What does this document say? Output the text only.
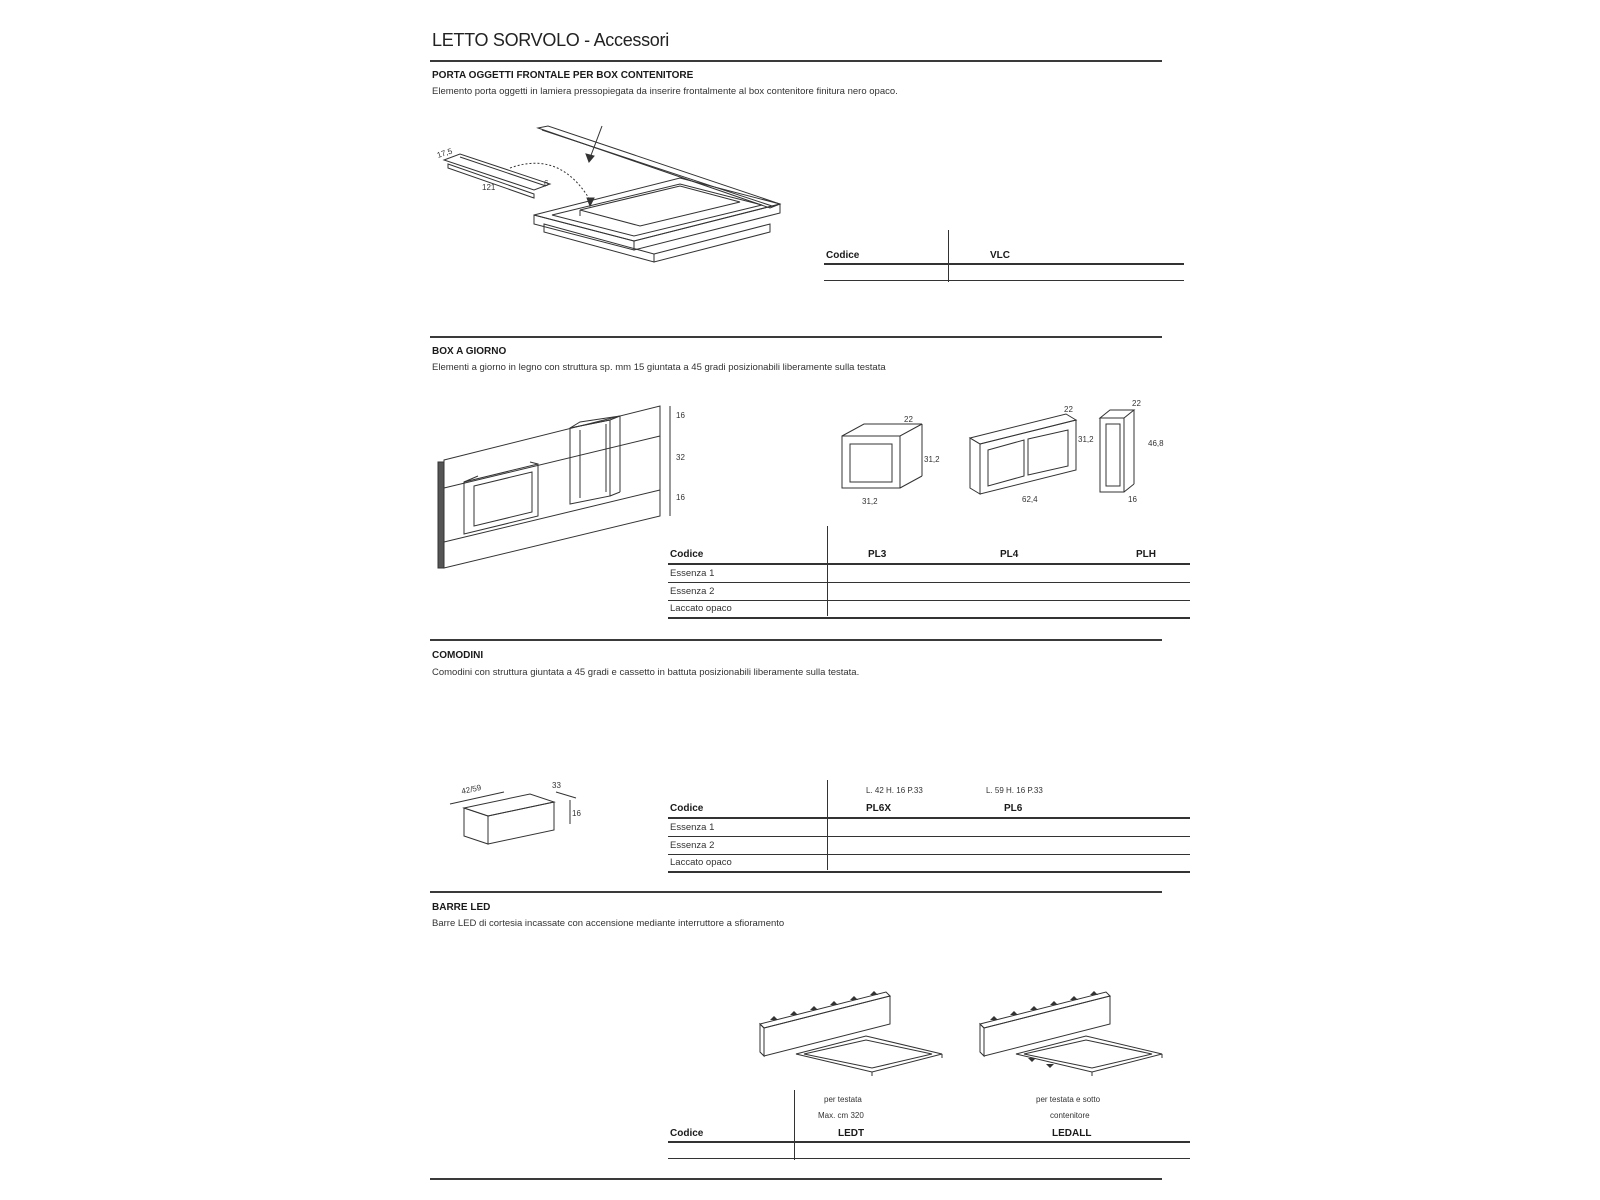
LETTO SORVOLO - Accessori
PORTA OGGETTI FRONTALE PER BOX CONTENITORE
Elemento porta oggetti in lamiera pressopiegata da inserire frontalmente al box contenitore finitura nero opaco.
17,5
121	6
Codice	VLC
BOX A GIORNO
Elementi a giorno in legno con struttura sp. mm 15 giuntata a 45 gradi posizionabili liberamente sulla testata
16
32
16
22
31,2
31,2
22
31,2
62,4
22
46,8
16
Codice	PL3	PL4	PLH
Essenza 1
Essenza 2
Laccato opaco
COMODINI
Comodini con struttura giuntata a 45 gradi e cassetto in battuta posizionabili liberamente sulla testata.
42/59	33
16
L. 42 H. 16 P.33	L. 59 H. 16 P.33
Codice	PL6X	PL6
Essenza 1
Essenza 2
Laccato opaco
BARRE LED
Barre LED di cortesia incassate con accensione mediante interruttore a sfioramento
per testata
Max. cm 320
per testata e sotto
contenitore
Codice	LEDT	LEDALL
